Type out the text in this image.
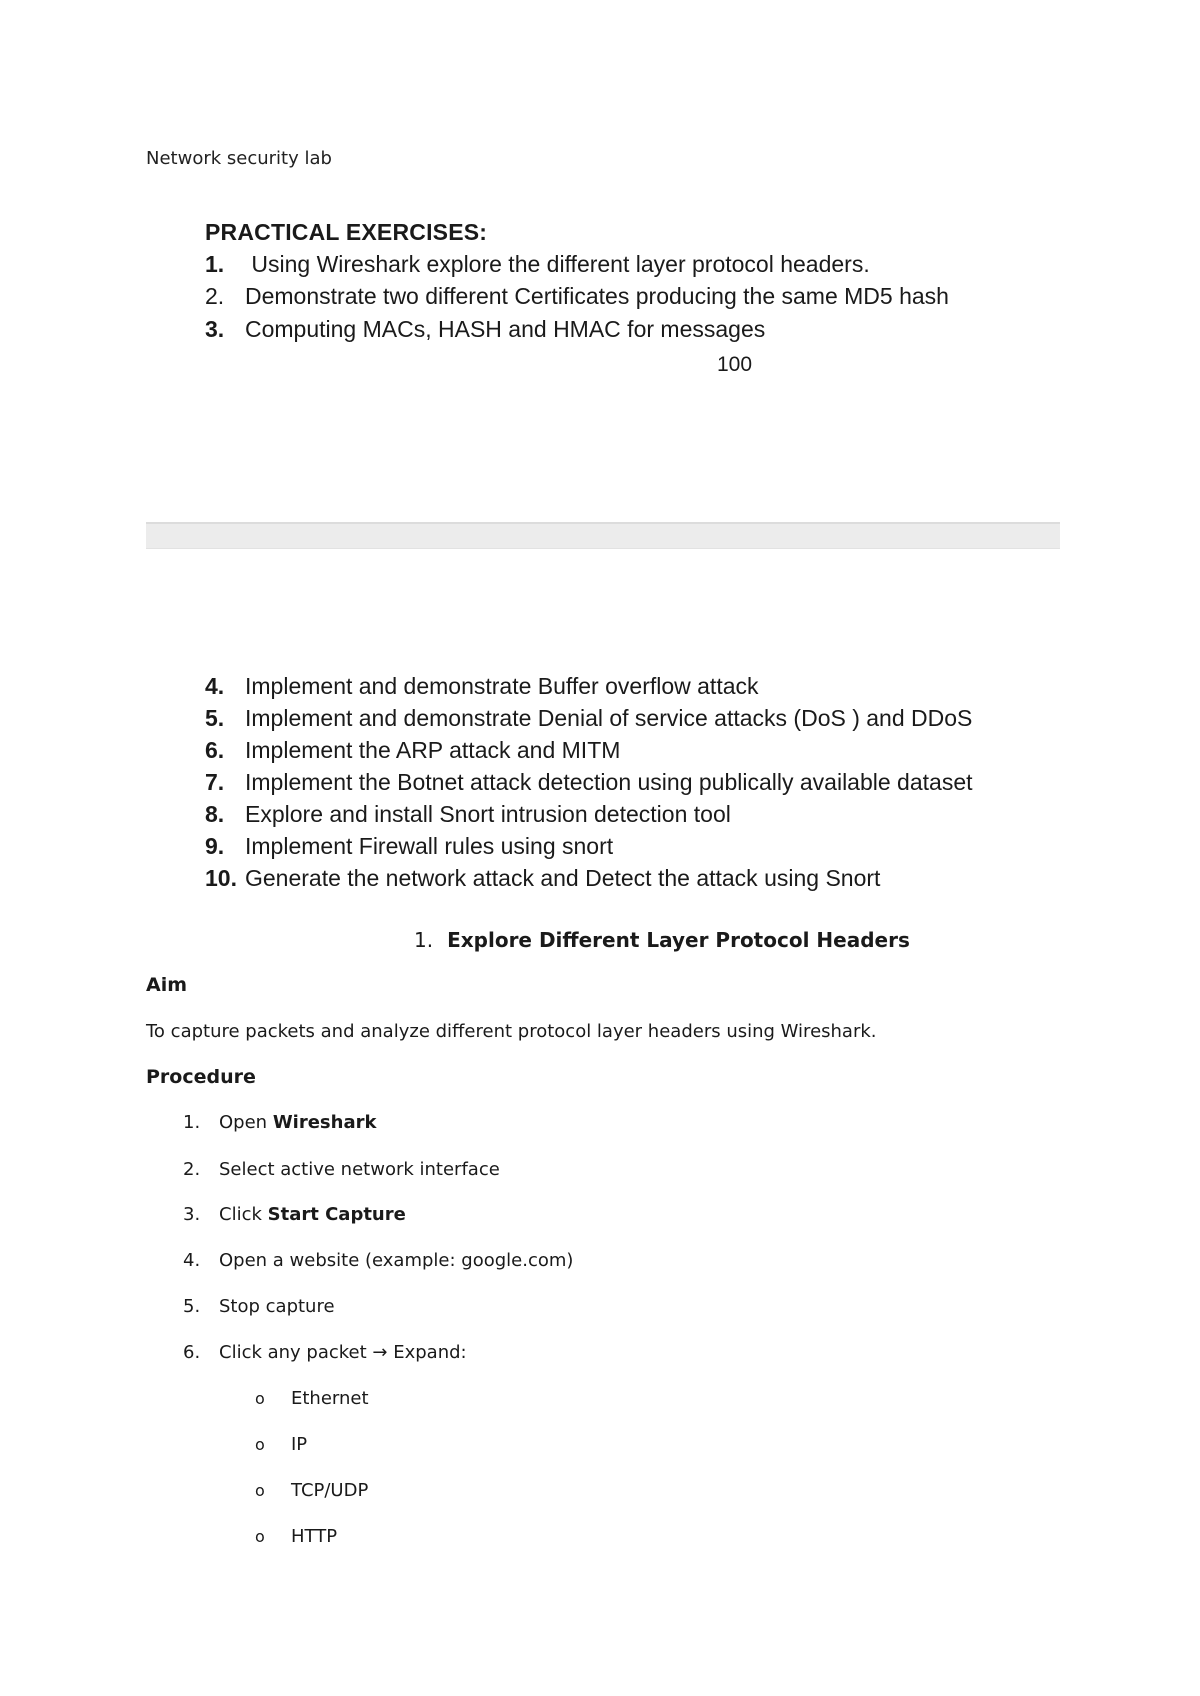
Network security lab
PRACTICAL EXERCISES:
1. Using Wireshark explore the different layer protocol headers.
2. Demonstrate two different Certificates producing the same MD5 hash
3. Computing MACs, HASH and HMAC for messages
100
4. Implement and demonstrate Buffer overflow attack
5. Implement and demonstrate Denial of service attacks (DoS ) and DDoS
6. Implement the ARP attack and MITM
7. Implement the Botnet attack detection using publically available dataset
8. Explore and install Snort intrusion detection tool
9. Implement Firewall rules using snort
10. Generate the network attack and Detect the attack using Snort
1. Explore Different Layer Protocol Headers
Aim
To capture packets and analyze different protocol layer headers using Wireshark.
Procedure
1. Open Wireshark
2. Select active network interface
3. Click Start Capture
4. Open a website (example: google.com)
5. Stop capture
6. Click any packet → Expand:
o Ethernet
o IP
o TCP/UDP
o HTTP
